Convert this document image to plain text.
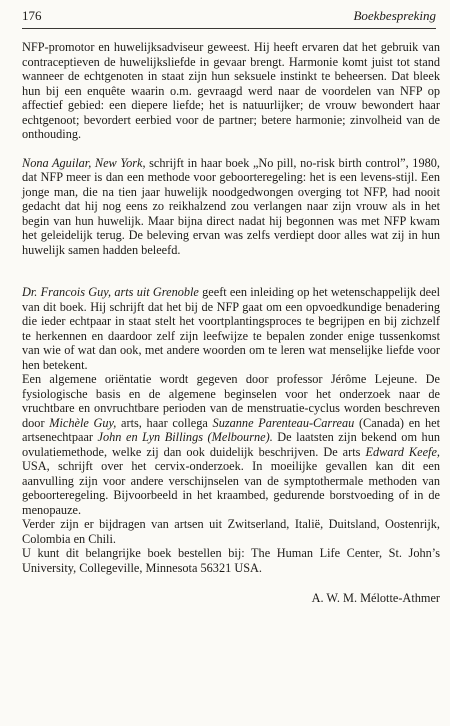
176	Boekbespreking

NFP-promotor en huwelijksadviseur geweest. Hij heeft ervaren dat het gebruik van contraceptieven de huwelijksliefde in gevaar brengt. Harmonie komt juist tot stand wanneer de echtgenoten in staat zijn hun seksuele instinkt te beheersen. Dat bleek hun bij een enquête waarin o.m. gevraagd werd naar de voordelen van NFP op affectief gebied: een diepere liefde; het is natuurlijker; de vrouw bewondert haar echtgenoot; bevordert eerbied voor de partner; betere harmonie; zinvolheid van de onthouding.

Nona Aguilar, New York, schrijft in haar boek „No pill, no-risk birth control”, 1980, dat NFP meer is dan een methode voor geboorteregeling: het is een levens-stijl. Een jonge man, die na tien jaar huwelijk noodgedwongen overging tot NFP, had nooit gedacht dat hij nog eens zo reikhalzend zou verlangen naar zijn vrouw als in het begin van hun huwelijk. Maar bijna direct nadat hij begonnen was met NFP kwam het geleidelijk terug. De beleving ervan was zelfs verdiept door alles wat zij in hun huwelijk samen hadden beleefd.

Dr. Francois Guy, arts uit Grenoble geeft een inleiding op het wetenschappelijk deel van dit boek. Hij schrijft dat het bij de NFP gaat om een opvoedkundige benadering die ieder echtpaar in staat stelt het voortplantingsproces te begrijpen en bij zichzelf te herkennen en daardoor zelf zijn leefwijze te bepalen zonder enige tussenkomst van wie of wat dan ook, met andere woorden om te leren wat menselijke liefde voor hen betekent.

Een algemene oriëntatie wordt gegeven door professor Jérôme Lejeune. De fysiologische basis en de algemene beginselen voor het onderzoek naar de vruchtbare en onvruchtbare perioden van de menstruatie-cyclus worden beschreven door Michèle Guy, arts, haar collega Suzanne Parenteau-Carreau (Canada) en het artsenechtpaar John en Lyn Billings (Melbourne). De laatsten zijn bekend om hun ovulatiemethode, welke zij dan ook duidelijk beschrijven. De arts Edward Keefe, USA, schrijft over het cervix-onderzoek. In moeilijke gevallen kan dit een aanvulling zijn voor andere verschijnselen van de symptothermale methoden van geboorteregeling. Bijvoorbeeld in het kraambed, gedurende borstvoeding of in de menopauze.

Verder zijn er bijdragen van artsen uit Zwitserland, Italië, Duitsland, Oostenrijk, Colombia en Chili.

U kunt dit belangrijke boek bestellen bij: The Human Life Center, St. John’s University, Collegeville, Minnesota 56321 USA.

A. W. M. Mélotte-Athmer
